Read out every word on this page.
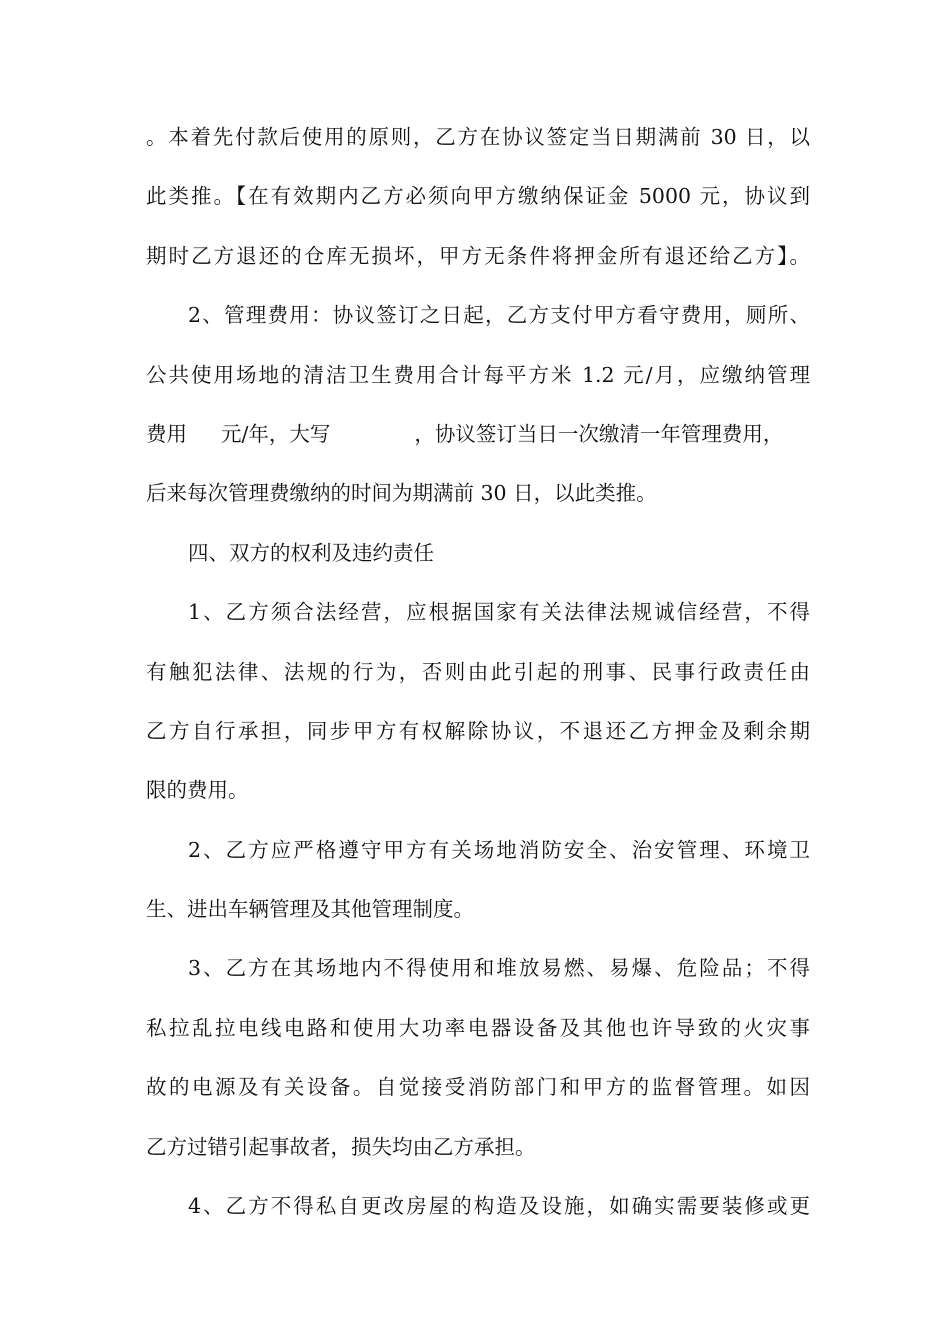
。本着先付款后使用的原则，乙方在协议签定当日期满前 30 日，以
此类推。【在有效期内乙方必须向甲方缴纳保证金 5000 元，协议到
期时乙方退还的仓库无损坏，甲方无条件将押金所有退还给乙方】。
2、管理费用：协议签订之日起，乙方支付甲方看守费用，厕所、
公共使用场地的清洁卫生费用合计每平方米 1.2 元/月，应缴纳管理
费用 元/年，大写	，协议签订当日一次缴清一年管理费用，
后来每次管理费缴纳的时间为期满前 30 日，以此类推。
四、双方的权利及违约责任
1、乙方须合法经营，应根据国家有关法律法规诚信经营，不得
有触犯法律、法规的行为，否则由此引起的刑事、民事行政责任由
乙方自行承担，同步甲方有权解除协议，不退还乙方押金及剩余期
限的费用。
2、乙方应严格遵守甲方有关场地消防安全、治安管理、环境卫
生、进出车辆管理及其他管理制度。
3、乙方在其场地内不得使用和堆放易燃、易爆、危险品；不得
私拉乱拉电线电路和使用大功率电器设备及其他也许导致的火灾事
故的电源及有关设备。自觉接受消防部门和甲方的监督管理。如因
乙方过错引起事故者，损失均由乙方承担。
4、乙方不得私自更改房屋的构造及设施，如确实需要装修或更
